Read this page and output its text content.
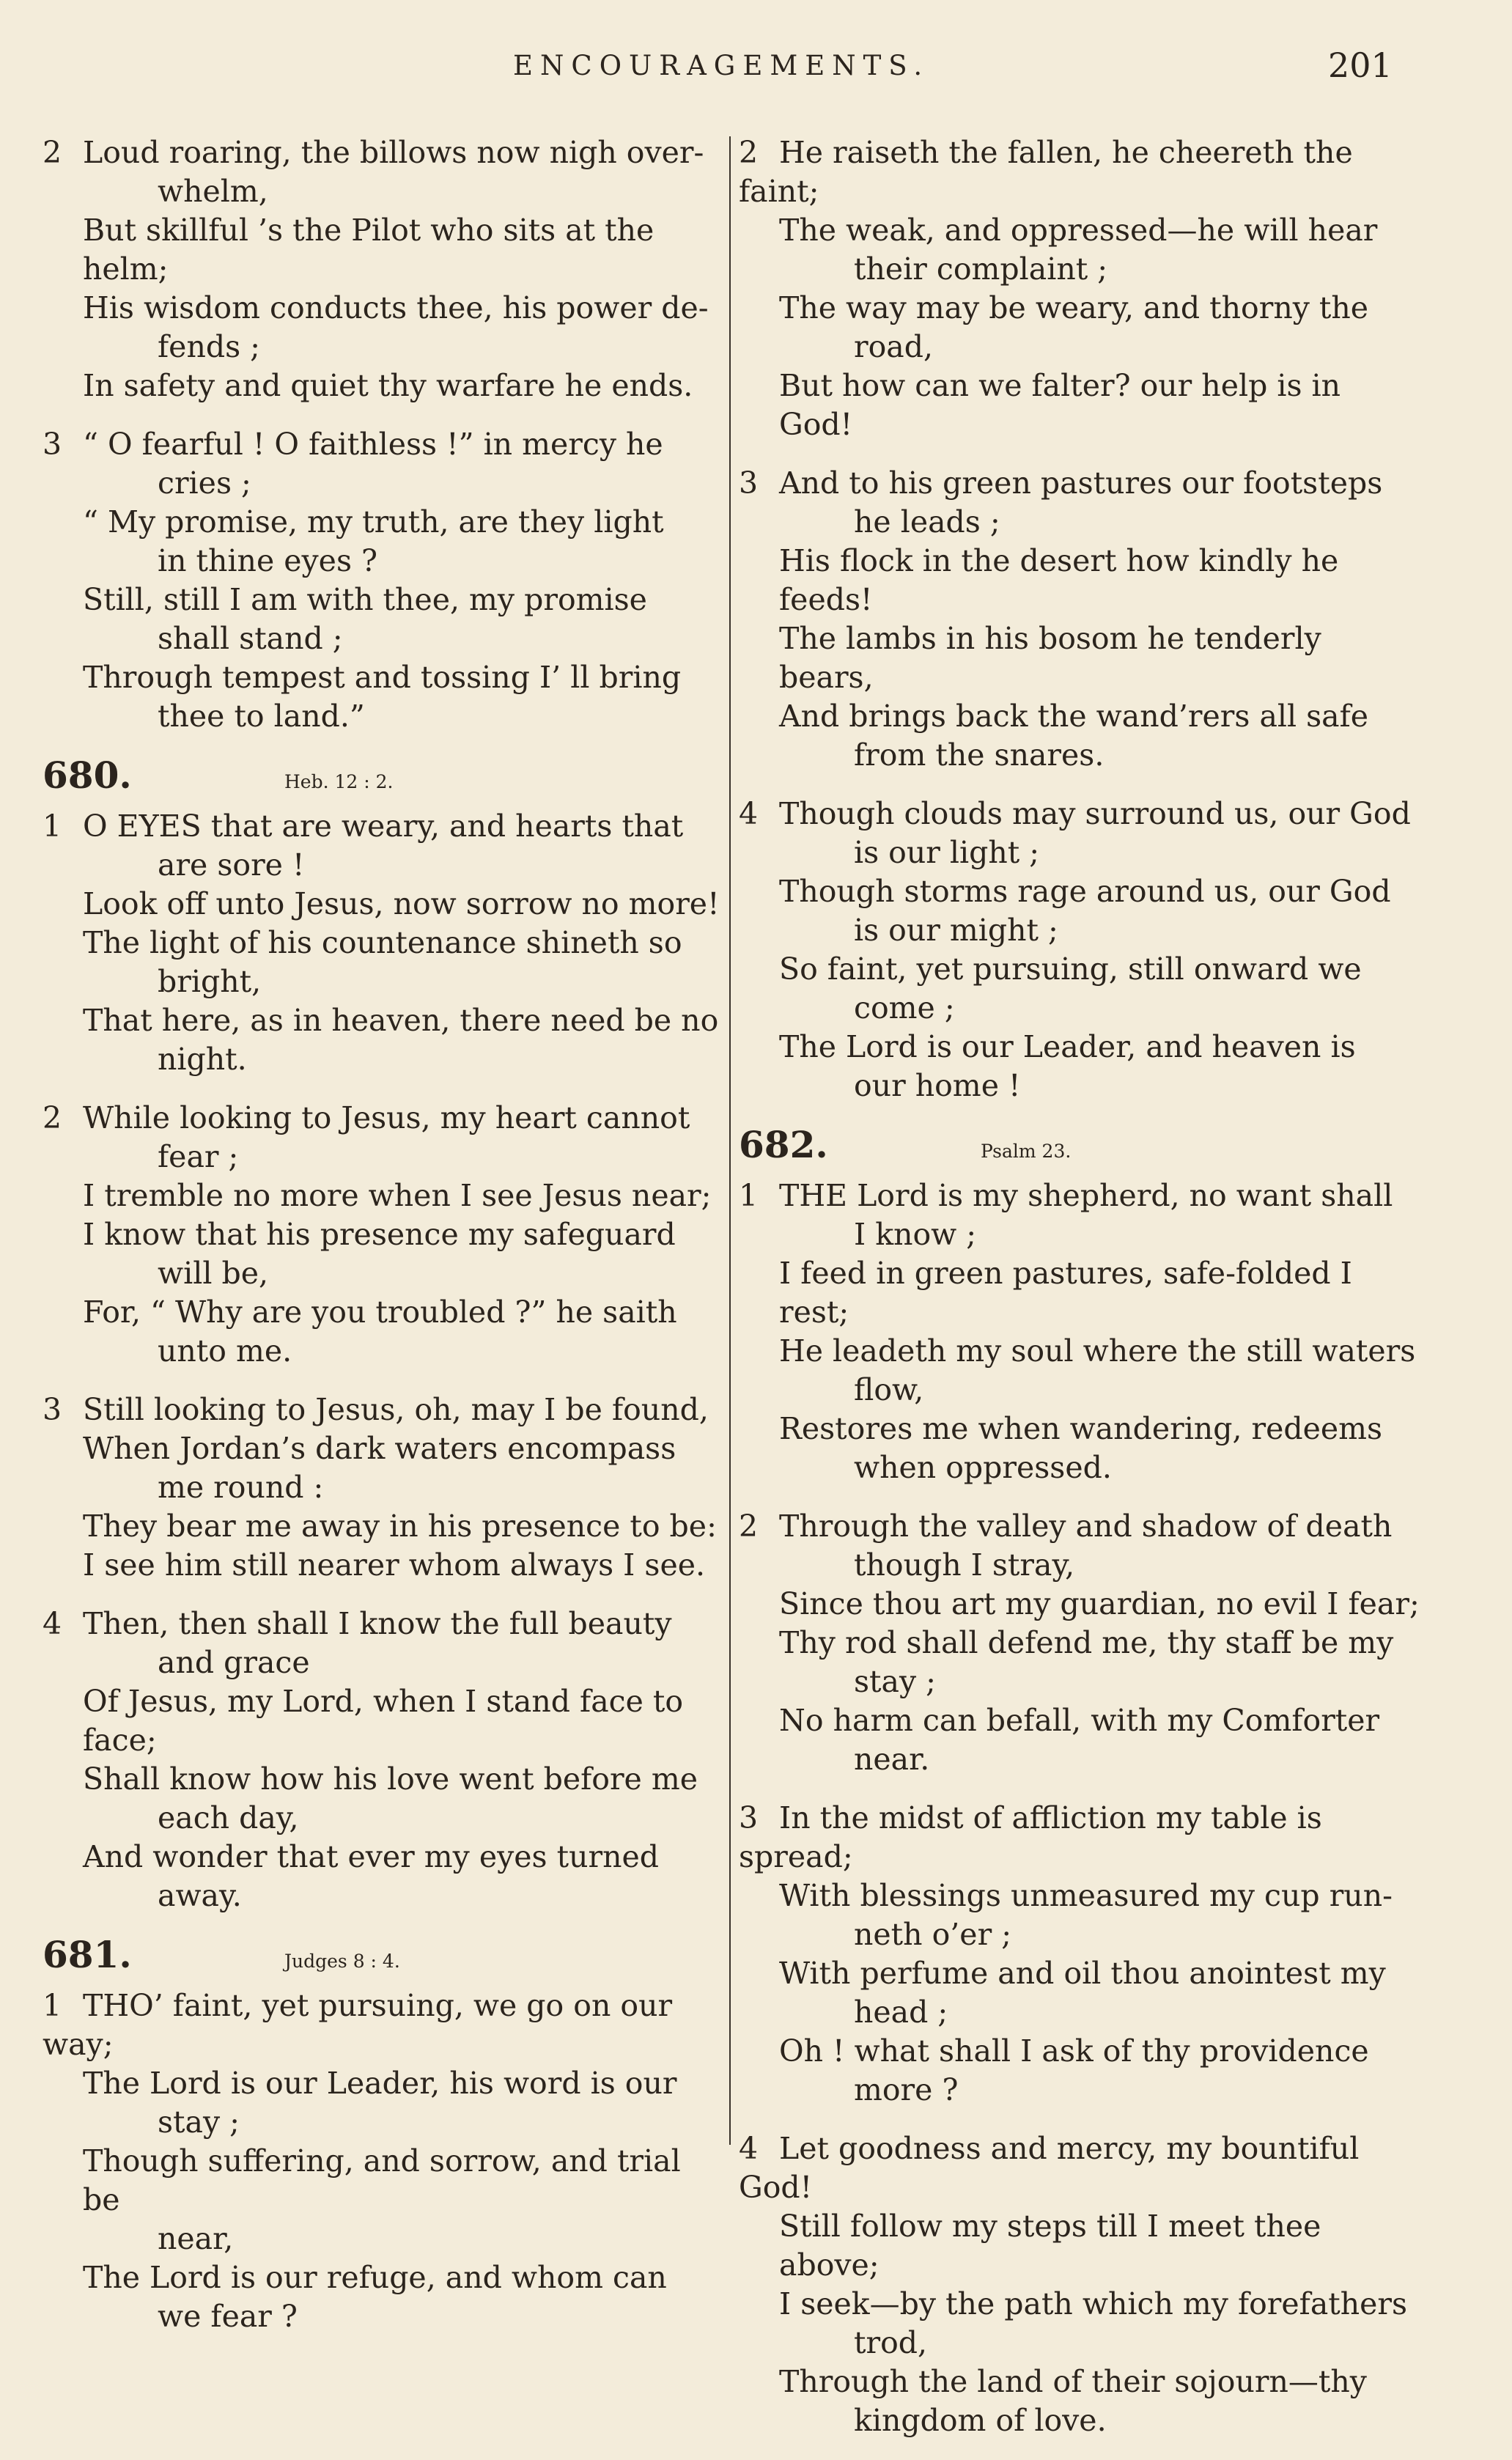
ENCOURAGEMENTS.	201

2 Loud roaring, the billows now nigh over-

whelm,

But skillful ’s the Pilot who sits at the helm;

His wisdom conducts thee, his power de-

fends ;

In safety and quiet thy warfare he ends.

3 “ O fearful ! O faithless !” in mercy he

cries ;

“ My promise, my truth, are they light

in thine eyes ?

Still, still I am with thee, my promise

shall stand ;

Through tempest and tossing I’ ll bring

thee to land.”

680.	Heb. 12 : 2.

1 O EYES that are weary, and hearts that

are sore !

Look off unto Jesus, now sorrow no more!

The light of his countenance shineth so

bright,

That here, as in heaven, there need be no

night.

2 While looking to Jesus, my heart cannot

fear ;

I tremble no more when I see Jesus near;

I know that his presence my safeguard

will be,

For, “ Why are you troubled ?” he saith

unto me.

3 Still looking to Jesus, oh, may I be found,

When Jordan’s dark waters encompass

me round :

They bear me away in his presence to be:

I see him still nearer whom always I see.

4 Then, then shall I know the full beauty

and grace

Of Jesus, my Lord, when I stand face to face;

Shall know how his love went before me

each day,

And wonder that ever my eyes turned

away.

681.	Judges 8 : 4.

1 THO’ faint, yet pursuing, we go on our way;

The Lord is our Leader, his word is our

stay ;

Though suffering, and sorrow, and trial be

near,

The Lord is our refuge, and whom can

we fear ?

2 He raiseth the fallen, he cheereth the faint;

The weak, and oppressed—he will hear

their complaint ;

The way may be weary, and thorny the

road,

But how can we falter? our help is in God!

3 And to his green pastures our footsteps

he leads ;

His flock in the desert how kindly he feeds!

The lambs in his bosom he tenderly bears,

And brings back the wand’rers all safe

from the snares.

4 Though clouds may surround us, our God

is our light ;

Though storms rage around us, our God

is our might ;

So faint, yet pursuing, still onward we

come ;

The Lord is our Leader, and heaven is

our home !

682.	Psalm 23.

1 THE Lord is my shepherd, no want shall

I know ;

I feed in green pastures, safe-folded I rest;

He leadeth my soul where the still waters

flow,

Restores me when wandering, redeems

when oppressed.

2 Through the valley and shadow of death

though I stray,

Since thou art my guardian, no evil I fear;

Thy rod shall defend me, thy staff be my

stay ;

No harm can befall, with my Comforter

near.

3 In the midst of affliction my table is spread;

With blessings unmeasured my cup run-

neth o’er ;

With perfume and oil thou anointest my

head ;

Oh ! what shall I ask of thy providence

more ?

4 Let goodness and mercy, my bountiful God!

Still follow my steps till I meet thee above;

I seek—by the path which my forefathers

trod,

Through the land of their sojourn—thy

kingdom of love.
